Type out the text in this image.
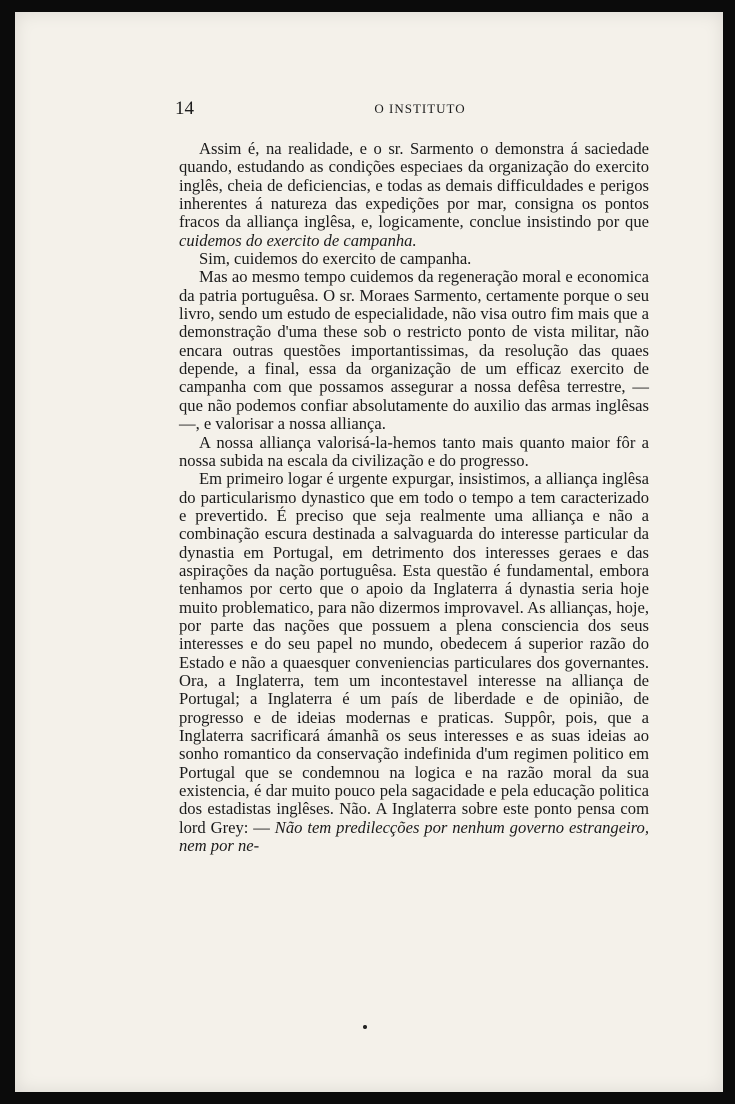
14	O INSTITUTO

Assim é, na realidade, e o sr. Sarmento o demonstra á saciedade quando, estudando as condições especiaes da organização do exercito inglês, cheia de deficiencias, e todas as demais difficuldades e perigos inherentes á natureza das expedições por mar, consigna os pontos fracos da alliança inglêsa, e, logicamente, conclue insistindo por que cuidemos do exercito de campanha.

Sim, cuidemos do exercito de campanha.

Mas ao mesmo tempo cuidemos da regeneração moral e economica da patria portuguêsa. O sr. Moraes Sarmento, certamente porque o seu livro, sendo um estudo de especialidade, não visa outro fim mais que a demonstração d'uma these sob o restricto ponto de vista militar, não encara outras questões importantissimas, da resolução das quaes depende, a final, essa da organização de um efficaz exercito de campanha com que possamos assegurar a nossa defêsa terrestre, — que não podemos confiar absolutamente do auxilio das armas inglêsas —, e valorisar a nossa alliança.

A nossa alliança valorisá-la-hemos tanto mais quanto maior fôr a nossa subida na escala da civilização e do progresso.

Em primeiro logar é urgente expurgar, insistimos, a alliança inglêsa do particularismo dynastico que em todo o tempo a tem caracterizado e prevertido. É preciso que seja realmente uma alliança e não a combinação escura destinada a salvaguarda do interesse particular da dynastia em Portugal, em detrimento dos interesses geraes e das aspirações da nação portuguêsa. Esta questão é fundamental, embora tenhamos por certo que o apoio da Inglaterra á dynastia seria hoje muito problematico, para não dizermos improvavel. As allianças, hoje, por parte das nações que possuem a plena consciencia dos seus interesses e do seu papel no mundo, obedecem á superior razão do Estado e não a quaesquer conveniencias particulares dos governantes. Ora, a Inglaterra, tem um incontestavel interesse na alliança de Portugal; a Inglaterra é um país de liberdade e de opinião, de progresso e de ideias modernas e praticas. Suppôr, pois, que a Inglaterra sacrificará ámanhã os seus interesses e as suas ideias ao sonho romantico da conservação indefinida d'um regimen politico em Portugal que se condemnou na logica e na razão moral da sua existencia, é dar muito pouco pela sagacidade e pela educação politica dos estadistas inglêses. Não. A Inglaterra sobre este ponto pensa com lord Grey: — Não tem predilecções por nenhum governo estrangeiro, nem por ne-
